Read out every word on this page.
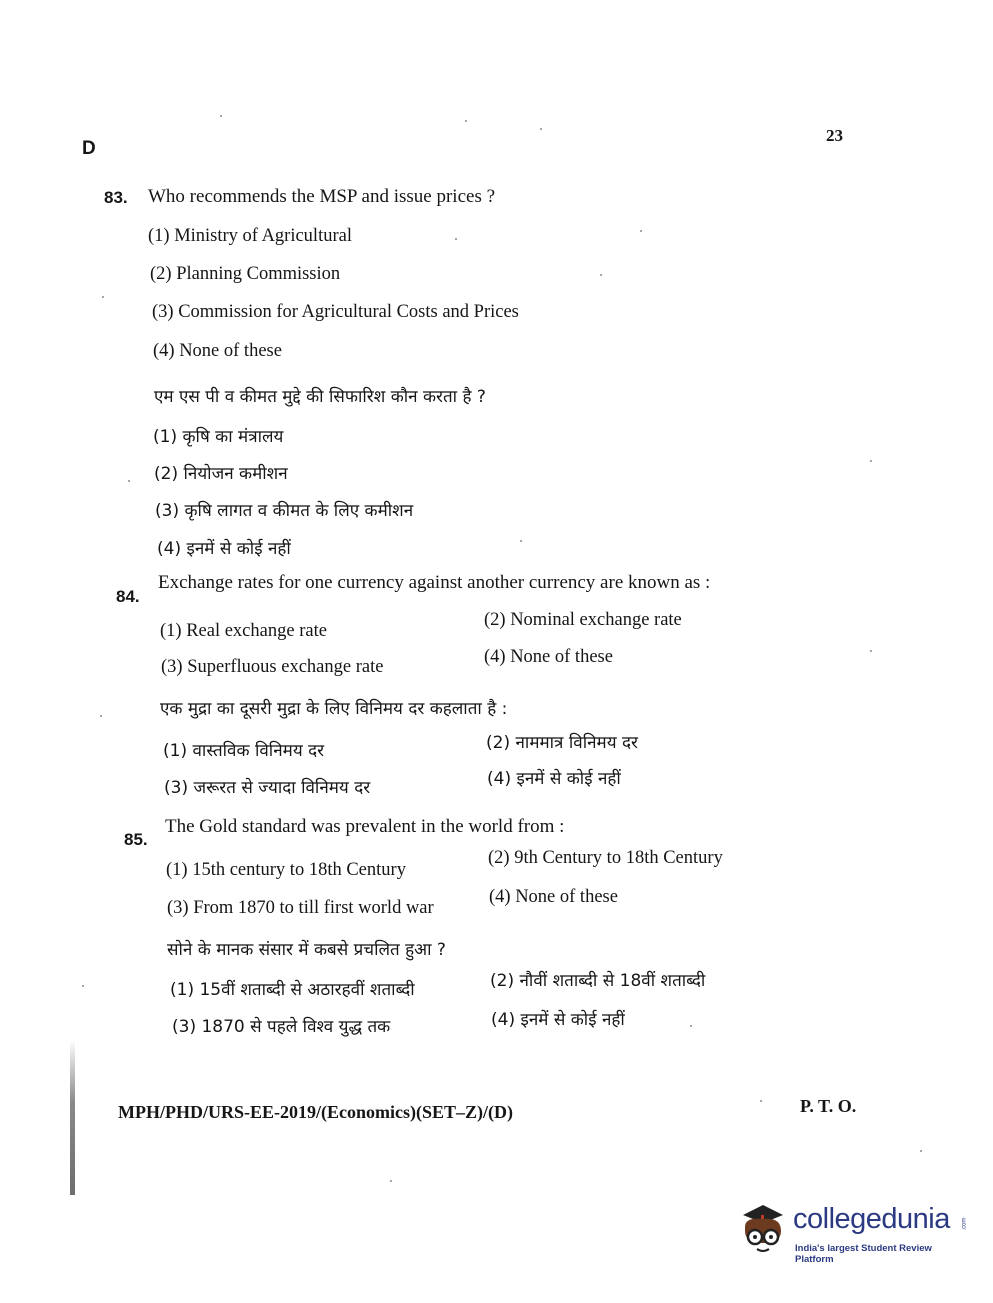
D
23
83. Who recommends the MSP and issue prices ?
(1) Ministry of Agricultural
(2) Planning Commission
(3) Commission for Agricultural Costs and Prices
(4) None of these
एम एस पी व कीमत मुद्दे की सिफारिश कौन करता है ?
(1) कृषि का मंत्रालय
(2) नियोजन कमीशन
(3) कृषि लागत व कीमत के लिए कमीशन
(4) इनमें से कोई नहीं
84.
Exchange rates for one currency against another currency are known as :
(1) Real exchange rate
(2) Nominal exchange rate
(3) Superfluous exchange rate	(4) None of these
एक मुद्रा का दूसरी मुद्रा के लिए विनिमय दर कहलाता है :
(1) वास्तविक विनिमय दर	(2) नाममात्र विनिमय दर
(3) जरूरत से ज्यादा विनिमय दर	(4) इनमें से कोई नहीं
85.
The Gold standard was prevalent in the world from :
(1) 15th century to 18th Century
(2) 9th Century to 18th Century
(3) From 1870 to till first world war
(4) None of these
सोने के मानक संसार में कबसे प्रचलित हुआ ?
(1) 15वीं शताब्दी से अठारहवीं शताब्दी	(2) नौवीं शताब्दी से 18वीं शताब्दी
(3) 1870 से पहले विश्व युद्ध तक	(4) इनमें से कोई नहीं
MPH/PHD/URS-EE-2019/(Economics)(SET–Z)/(D)	P. T. O.
collegedunia .com
India's largest Student Review Platform
